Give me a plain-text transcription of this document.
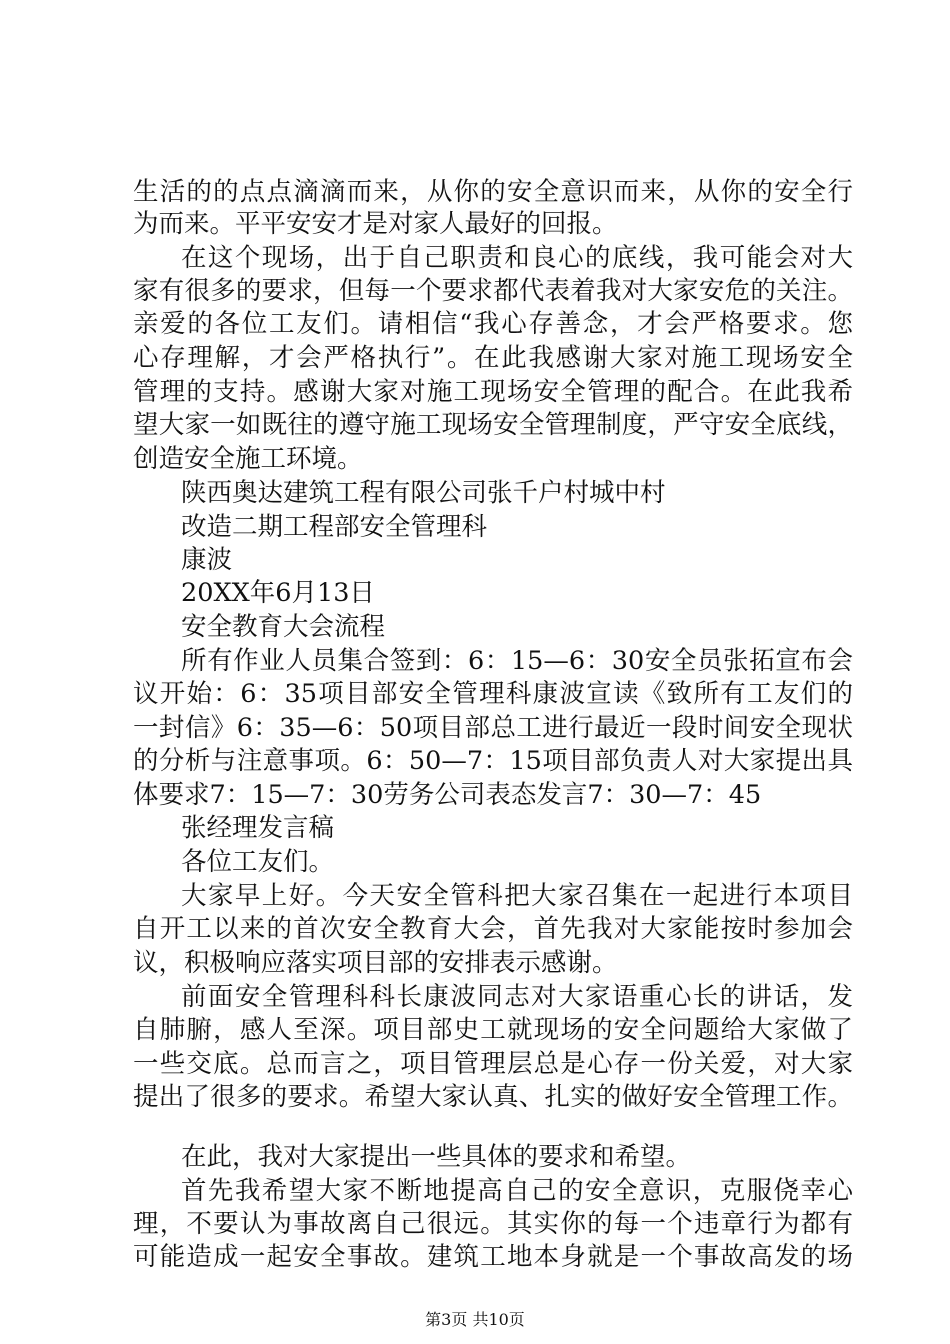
生活的的点点滴滴而来，从你的安全意识而来，从你的安全行
为而来。平平安安才是对家人最好的回报。
在这个现场，出于自己职责和良心的底线，我可能会对大
家有很多的要求，但每一个要求都代表着我对大家安危的关注。
亲爱的各位工友们。请相信“我心存善念，才会严格要求。您
心存理解，才会严格执行”。在此我感谢大家对施工现场安全
管理的支持。感谢大家对施工现场安全管理的配合。在此我希
望大家一如既往的遵守施工现场安全管理制度，严守安全底线，
创造安全施工环境。
陕西奥达建筑工程有限公司张千户村城中村
改造二期工程部安全管理科
康波
20XX年6月13日
安全教育大会流程
所有作业人员集合签到：6：15—6：30安全员张拓宣布会
议开始：6：35项目部安全管理科康波宣读《致所有工友们的
一封信》6：35—6：50项目部总工进行最近一段时间安全现状
的分析与注意事项。6：50—7：15项目部负责人对大家提出具
体要求7：15—7：30劳务公司表态发言7：30—7：45
张经理发言稿
各位工友们。
大家早上好。今天安全管科把大家召集在一起进行本项目
自开工以来的首次安全教育大会，首先我对大家能按时参加会
议，积极响应落实项目部的安排表示感谢。
前面安全管理科科长康波同志对大家语重心长的讲话，发
自肺腑，感人至深。项目部史工就现场的安全问题给大家做了
一些交底。总而言之，项目管理层总是心存一份关爱，对大家
提出了很多的要求。希望大家认真、扎实的做好安全管理工作。
在此，我对大家提出一些具体的要求和希望。
首先我希望大家不断地提高自己的安全意识，克服侥幸心
理，不要认为事故离自己很远。其实你的每一个违章行为都有
可能造成一起安全事故。建筑工地本身就是一个事故高发的场
第3页 共10页
